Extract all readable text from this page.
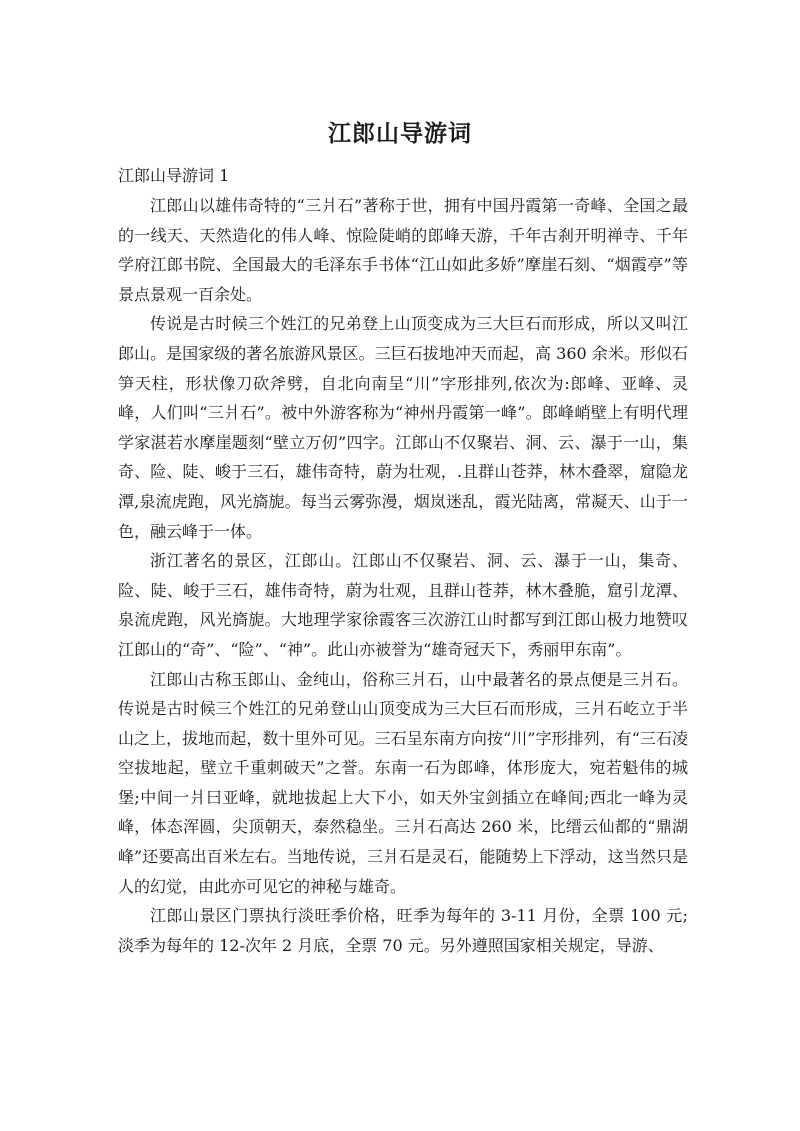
江郎山导游词
江郎山导游词 1

江郎山以雄伟奇特的“三爿石”著称于世，拥有中国丹霞第一奇峰、全国之最的一线天、天然造化的伟人峰、惊险陡峭的郎峰天游，千年古刹开明禅寺、千年学府江郎书院、全国最大的毛泽东手书体“江山如此多娇”摩崖石刻、“烟霞亭”等景点景观一百余处。

传说是古时候三个姓江的兄弟登上山顶变成为三大巨石而形成，所以又叫江郎山。是国家级的著名旅游风景区。三巨石拔地冲天而起，高 360 余米。形似石笋天柱，形状像刀砍斧劈，自北向南呈“川”字形排列,依次为:郎峰、亚峰、灵峰，人们叫“三爿石”。被中外游客称为“神州丹霞第一峰”。郎峰峭壁上有明代理学家湛若水摩崖题刻“壁立万仞”四字。江郎山不仅聚岩、洞、云、瀑于一山，集奇、险、陡、峻于三石，雄伟奇特，蔚为壮观，.且群山苍莽，林木叠翠，窟隐龙潭,泉流虎跑，风光旖旎。每当云雾弥漫，烟岚迷乱，霞光陆离，常凝天、山于一色，融云峰于一体。

浙江著名的景区，江郎山。江郎山不仅聚岩、洞、云、瀑于一山，集奇、险、陡、峻于三石，雄伟奇特，蔚为壮观，且群山苍莽，林木叠脆，窟引龙潭、泉流虎跑，风光旖旎。大地理学家徐霞客三次游江山时都写到江郎山极力地赞叹江郎山的“奇”、“险”、“神”。此山亦被誉为“雄奇冠天下，秀丽甲东南”。

江郎山古称玉郎山、金纯山，俗称三爿石，山中最著名的景点便是三爿石。传说是古时候三个姓江的兄弟登山山顶变成为三大巨石而形成，三爿石屹立于半山之上，拔地而起，数十里外可见。三石呈东南方向按“川”字形排列，有“三石凌空拔地起，壁立千重刺破天”之誉。东南一石为郎峰，体形庞大，宛若魁伟的城堡;中间一爿曰亚峰，就地拔起上大下小，如天外宝剑插立在峰间;西北一峰为灵峰，体态浑圆，尖顶朝天，泰然稳坐。三爿石高达 260 米，比缙云仙都的“鼎湖峰”还要高出百米左右。当地传说，三爿石是灵石，能随势上下浮动，这当然只是人的幻觉，由此亦可见它的神秘与雄奇。

江郎山景区门票执行淡旺季价格，旺季为每年的 3-11 月份，全票 100 元;淡季为每年的 12-次年 2 月底，全票 70 元。另外遵照国家相关规定，导游、
